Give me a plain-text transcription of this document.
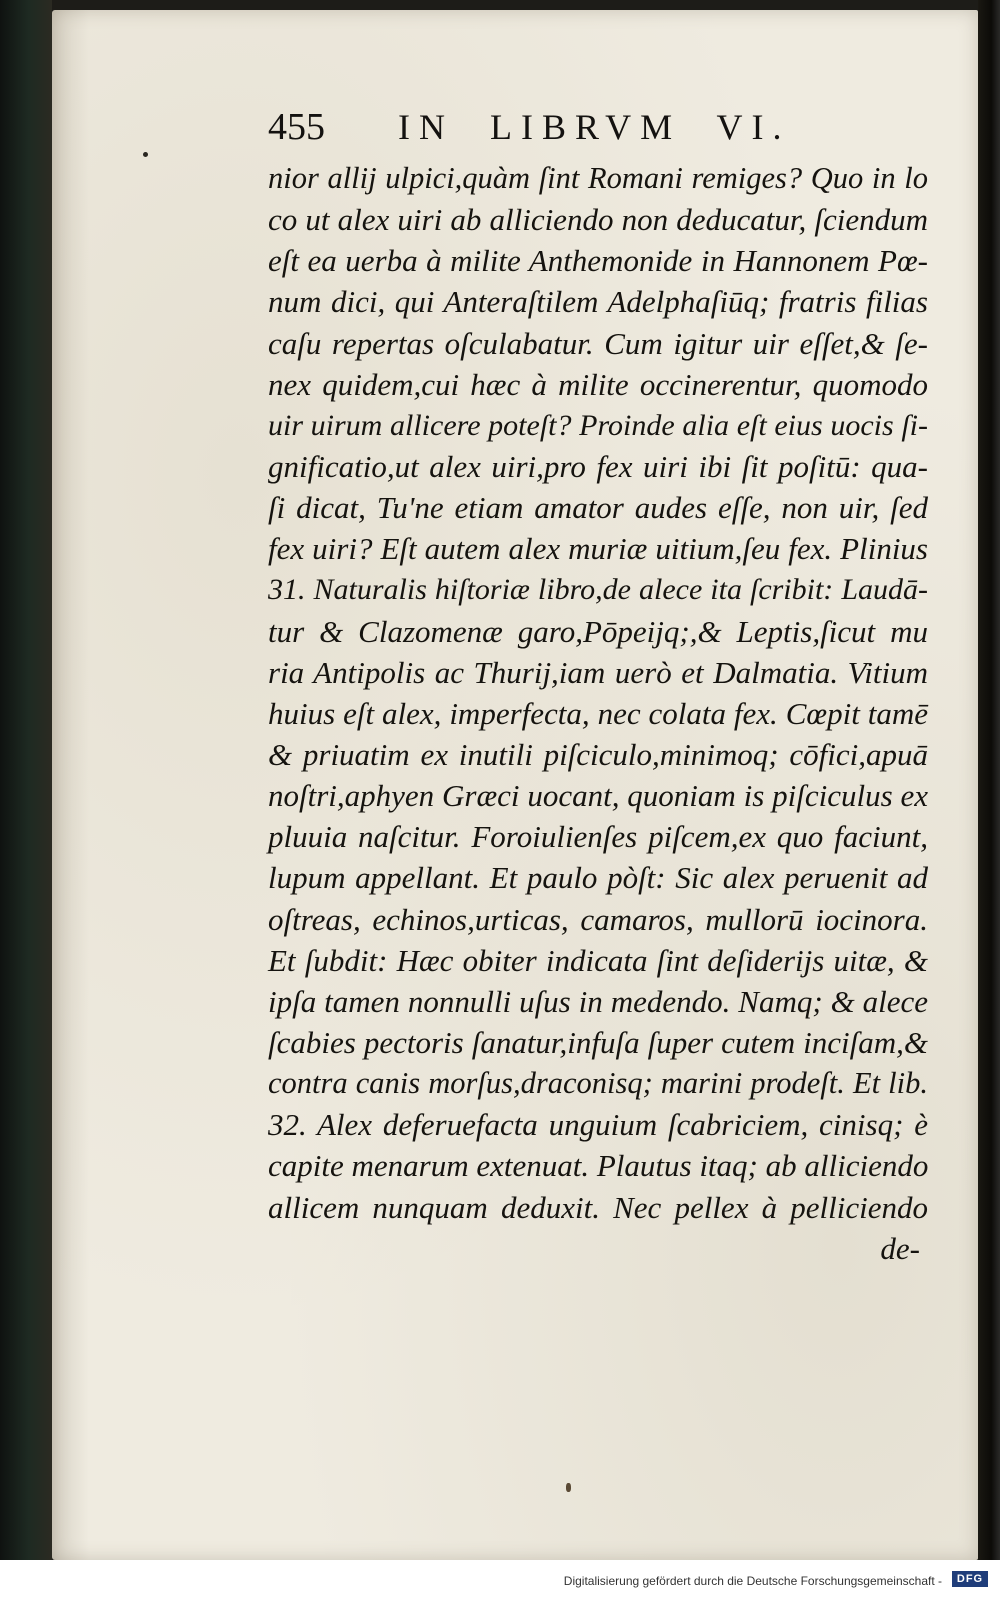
455 IN  LIBRVM  VI.
nior allij ulpici,quàm ſint Romani remiges? Quo in lo
co ut alex uiri ab alliciendo non deducatur, ſciendum
eſt ea uerba à milite Anthemonide in Hannonem Pœ-
num dici, qui Anteraſtilem Adelphaſiūq; fratris filias
caſu repertas oſculabatur. Cum igitur uir eſſet,& ſe-
nex quidem,cui hæc à milite occinerentur, quomodo
uir uirum allicere poteſt? Proinde alia eſt eius uocis ſi-
gnificatio,ut alex uiri,pro fex uiri ibi ſit poſitū: qua-
ſi dicat, Tu'ne etiam amator audes eſſe, non uir, ſed
fex uiri? Eſt autem alex muriæ uitium,ſeu fex. Plinius
31. Naturalis hiſtoriæ libro,de alece ita ſcribit: Laudā-
tur & Clazomenæ garo,Pōpeijq;,& Leptis,ſicut mu
ria Antipolis ac Thurij,iam uerò et Dalmatia. Vitium
huius eſt alex, imperfecta, nec colata fex. Cœpit tamē
& priuatim ex inutili piſciculo,minimoq; cōfici,apuā
noſtri,aphyen Græci uocant, quoniam is piſciculus ex
pluuia naſcitur. Foroiulienſes piſcem,ex quo faciunt,
lupum appellant. Et paulo pòſt: Sic alex peruenit ad
oſtreas, echinos,urticas, camaros, mullorū iocinora.
Et ſubdit: Hæc obiter indicata ſint deſiderijs uitæ, &
ipſa tamen nonnulli uſus in medendo. Namq; & alece
ſcabies pectoris ſanatur,infuſa ſuper cutem inciſam,&
contra canis morſus,draconisq; marini prodeſt. Et lib.
32. Alex deferuefacta unguium ſcabriciem, cinisq; è
capite menarum extenuat. Plautus itaq; ab alliciendo
allicem nunquam deduxit. Nec pellex à pelliciendo
de-
Digitalisierung gefördert durch die Deutsche Forschungsgemeinschaft -	DFG
